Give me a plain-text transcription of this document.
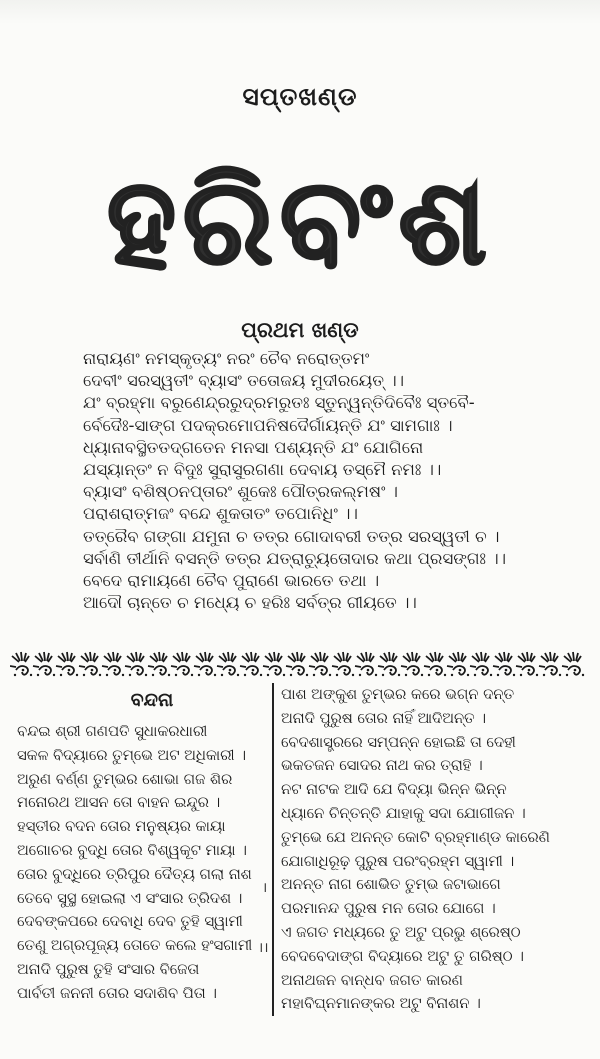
ସପ୍ତଖଣ୍ଡ
ହରିବଂଶ
ପ୍ରଥମ ଖଣ୍ଡ
ନାରାୟଣଂ ନମସ୍କୃତ୍ୟଂ ନରଂ ଚୈବ ନରୋତ୍ତମଂ
ଦେବୀଂ ସରସ୍ୱତୀଂ ବ୍ୟାସଂ ତତୋଜୟ ମୁଦୀରୟେତ୍ ।।
ଯଂ ବ୍ରହ୍ମା ବରୁଣେନ୍ଦ୍ରରୁଦ୍ରମରୁତଃ ସ୍ତୁନ୍ୱନ୍ତିଦିବୈଃ ସ୍ତବୈ-
ର୍ବେଦୈଃ-ସାଙ୍ଗ ପଦକ୍ରମୋପନିଷଦୈର୍ଗାୟନ୍ତି ଯଂ ସାମଗାଃ ।
ଧ୍ୟାନାବସ୍ଥିତତଦ୍‌ଗତେନ ମନସା ପଶ୍ୟନ୍ତି ଯଂ ଯୋଗିନୋ
ଯସ୍ୟାନ୍ତଂ ନ ବିଦୁଃ ସୁରାସୁରଗଣା ଦେବାୟ ତସ୍ମୈ ନମଃ ।।
ବ୍ୟାସଂ ବଶିଷ୍ଠନପ୍ତାରଂ ଶୁକେଃ ପୌତ୍ରକଲ୍ମଷଂ ।
ପରାଶରାତ୍ମଜଂ ବନ୍ଦେ ଶୁକତାତଂ ତପୋନିଧିଂ ।।
ତତ୍ରୈବ ଗଙ୍ଗା ଯମୁନା ଚ ତତ୍ର ଗୋଦାବରୀ ତତ୍ର ସରସ୍ୱତୀ ଚ ।
ସର୍ବାଣି ତୀର୍ଥାନି ବସନ୍ତି ତତ୍ର ଯତ୍ରାଚ୍ୟୁତୋଦାର କଥା ପ୍ରସଙ୍ଗଃ ।।
ବେଦେ ରାମାୟଣେ ଚୈବ ପୁରାଣେ ଭାରତେ ତଥା ।
ଆଦୌ ଚାନ୍ତେ ଚ ମଧ୍ୟେ ଚ ହରିଃ ସର୍ବତ୍ର ଗୀୟତେ ।।
ବନ୍ଦନା
ବନ୍ଦଇ ଶ୍ରୀ ଗଣପତି ସୁଧାକରଧାରୀ
ସକଳ ବିଦ୍ୟାରେ ତୁମ୍ଭେ ଅଟ ଅଧିକାରୀ ।
ଅରୁଣ ବର୍ଣ୍ଣ ତୁମ୍ଭର ଶୋଭା ଗଜ ଶିର
ମନୋରଥ ଆସନ ତୋ ବାହନ ଇନ୍ଦୁର ।
ହସ୍ତୀର ବଦନ ତୋର ମନୁଷ୍ୟର କାୟା
ଅଗୋଚର ବୁଦ୍ଧି ତୋର ବିଶ୍ୱକୂଟ ମାୟା ।
ତୋର ବୁଦ୍ଧିରେ ତ୍ରିପୁର ଦୈତ୍ୟ ଗଲା ନାଶ
ତେବେ ସୁସ୍ଥ ହୋଇଲା ଏ ସଂସାର ତ୍ରିଦଶ ।
ଦେବଙ୍କପରେ ଦେବାଧି ଦେବ ତୁହି ସ୍ୱାମୀ
ତେଣୁ ଅଗ୍ରପୂଜ୍ୟ ତୋତେ କଲେ ହଂସଗାମୀ
ଅନାଦି ପୁରୁଷ ତୁହି ସଂସାର ବିଜେତା
ପାର୍ବତୀ ଜନନୀ ତୋର ସଦାଶିବ ପିତା ।
।
।।
ପାଶ ଅଙ୍କୁଶ ତୁମ୍ଭର କରେ ଭଗ୍ନ ଦନ୍ତ
ଅନାଦି ପୁରୁଷ ତୋର ନାହିଁ ଆଦିଅନ୍ତ ।
ବେଦଶାସ୍ତ୍ରରେ ସମ୍ପନ୍ନ ହୋଇଛି ତା ଦେହୀ
ଭକତଜନ ସୋଦର ନାଥ କର ତ୍ରାହି ।
ନଟ ନାଟକ ଆଦି ଯେ ବିଦ୍ୟା ଭିନ୍ନ ଭିନ୍ନ
ଧ୍ୟାନେ ଚିନ୍ତନ୍ତି ଯାହାକୁ ସଦା ଯୋଗୀଜନ ।
ତୁମ୍ଭେ ଯେ ଅନନ୍ତ କୋଟି ବ୍ରହ୍ମାଣ୍ଡ କାରେଣି
ଯୋଗାଧିରୂଢ଼ ପୁରୁଷ ପରଂବ୍ରହ୍ମ ସ୍ୱାମୀ ।
ଅନନ୍ତ ନାଗ ଶୋଭିତ ତୁମ୍ଭ ଜଟାଭାଗେ
ପରମାନନ୍ଦ ପୁରୁଷ ମନ ତୋର ଯୋଗେ ।
ଏ ଜଗତ ମଧ୍ୟରେ ତୁ ଅଟୁ ପ୍ରଭୁ ଶ୍ରେଷ୍ଠ
ବେଦବେଦାଙ୍ଗ ବିଦ୍ୟାରେ ଅଟୁ ତୁ ଗରିଷ୍ଠ ।
ଅନାଥଜନ ବାନ୍ଧବ ଜଗତ କାରଣ
ମହାବିଘ୍ନମାନଙ୍କର ଅଟୁ ବିନାଶନ ।
